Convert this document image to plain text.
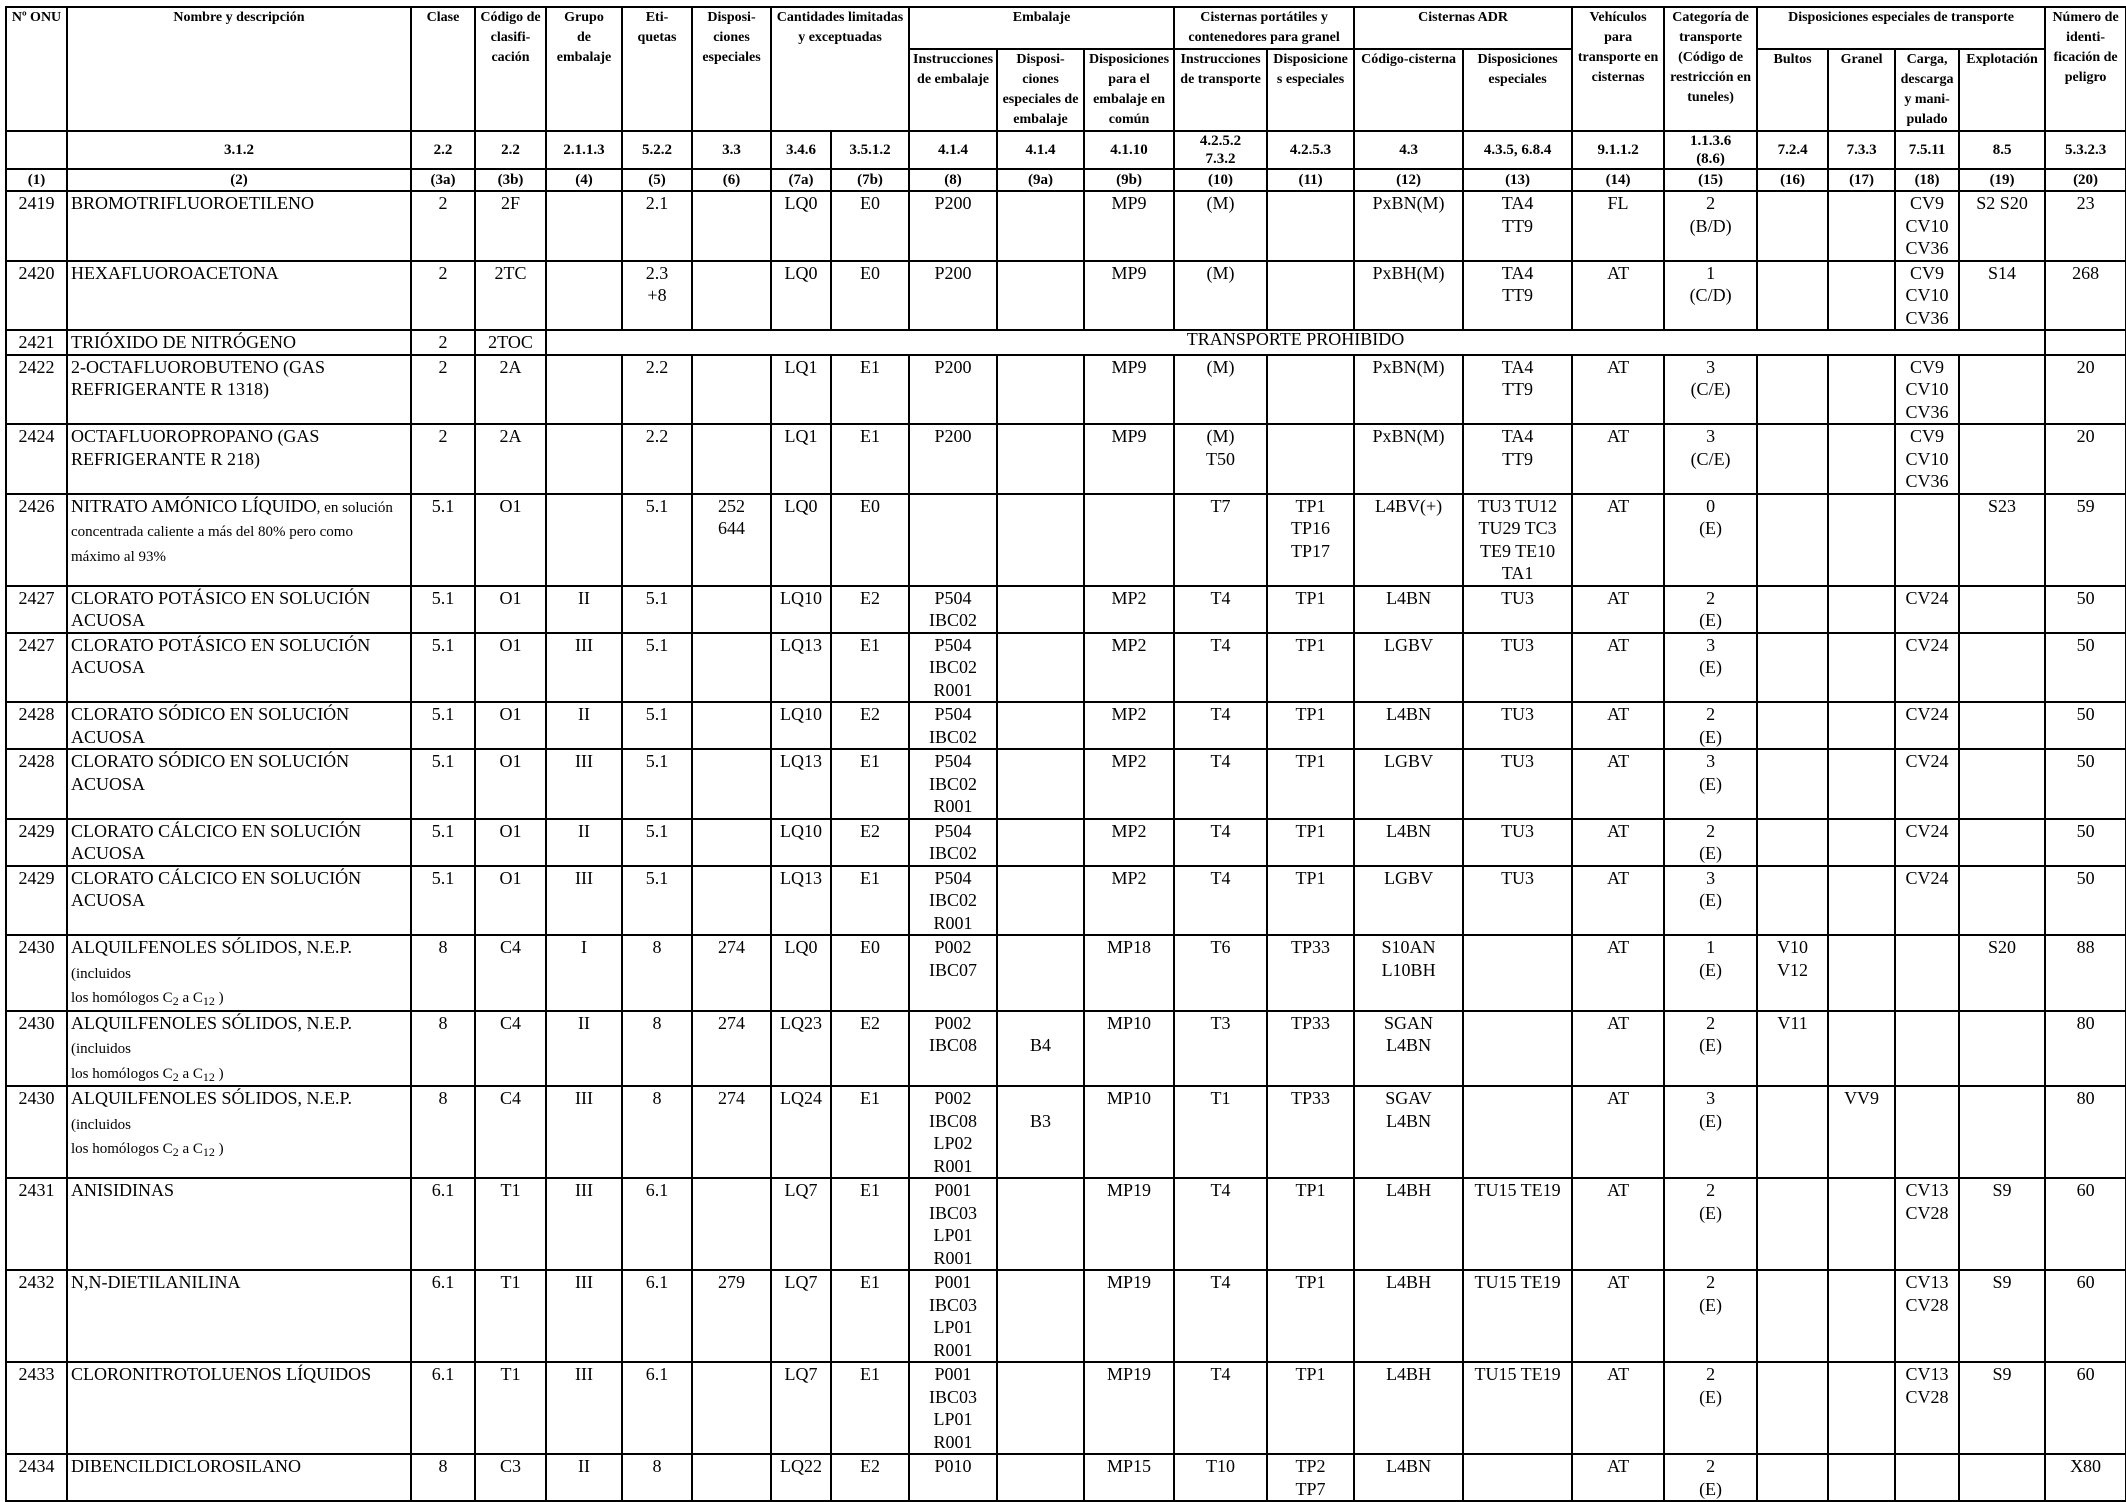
Nº ONU	Nombre y descripción	Clase	Código de
clasifi-
cación	Grupo
de
embalaje	Eti-
quetas	Disposi-
ciones
especiales	Cantidades limitadas
y exceptuadas		Embalaje			Cisternas portátiles y
contenedores para granel		Cisternas ADR		Vehículos
para
transporte en
cisternas	Categoría de
transporte
(Código de
restricción en
tuneles)	Disposiciones especiales de transporte				Número de
identi-
ficación de
peligro
									Instrucciones
de embalaje	Disposi-
ciones
especiales de
embalaje	Disposiciones
para el
embalaje en
común	Instrucciones
de transporte	Disposicione
s especiales	Código-cisterna	Disposiciones
especiales			Bultos	Granel	Carga,
descarga
y mani-
pulado	Explotación	
	3.1.2	2.2	2.2	2.1.1.3	5.2.2	3.3	3.4.6	3.5.1.2	4.1.4	4.1.4	4.1.10	4.2.5.2
7.3.2	4.2.5.3	4.3	4.3.5, 6.8.4	9.1.1.2	1.1.3.6
(8.6)	7.2.4	7.3.3	7.5.11	8.5	5.3.2.3
(1)	(2)	(3a)	(3b)	(4)	(5)	(6)	(7a)	(7b)	(8)	(9a)	(9b)	(10)	(11)	(12)	(13)	(14)	(15)	(16)	(17)	(18)	(19)	(20)
2419	BROMOTRIFLUOROETILENO	2	2F		2.1		LQ0	E0	P200		MP9	(M)		PxBN(M)	TA4
TT9	FL	2
(B/D)			CV9
CV10
CV36	S2 S20	23
2420	HEXAFLUOROACETONA	2	2TC		2.3
+8		LQ0	E0	P200		MP9	(M)		PxBH(M)	TA4
TT9	AT	1
(C/D)			CV9
CV10
CV36	S14	268
2421	TRIÓXIDO DE NITRÓGENO	2	2TOC	TRANSPORTE PROHIBIDO																		
2422	2-OCTAFLUOROBUTENO (GAS
REFRIGERANTE R 1318)	2	2A		2.2		LQ1	E1	P200		MP9	(M)		PxBN(M)	TA4
TT9	AT	3
(C/E)			CV9
CV10
CV36		20
2424	OCTAFLUOROPROPANO (GAS
REFRIGERANTE R 218)	2	2A		2.2		LQ1	E1	P200		MP9	(M)
T50		PxBN(M)	TA4
TT9	AT	3
(C/E)			CV9
CV10
CV36		20
2426	NITRATO AMÓNICO LÍQUIDO, en solución
concentrada caliente a más del 80% pero como
máximo al 93%	5.1	O1		5.1	252
644	LQ0	E0				T7	TP1
TP16
TP17	L4BV(+)	TU3 TU12
TU29 TC3
TE9 TE10
TA1	AT	0
(E)				S23	59
2427	CLORATO POTÁSICO EN SOLUCIÓN
ACUOSA	5.1	O1	II	5.1		LQ10	E2	P504
IBC02		MP2	T4	TP1	L4BN	TU3	AT	2
(E)			CV24		50
2427	CLORATO POTÁSICO EN SOLUCIÓN
ACUOSA	5.1	O1	III	5.1		LQ13	E1	P504
IBC02
R001		MP2	T4	TP1	LGBV	TU3	AT	3
(E)			CV24		50
2428	CLORATO SÓDICO EN SOLUCIÓN ACUOSA	5.1	O1	II	5.1		LQ10	E2	P504
IBC02		MP2	T4	TP1	L4BN	TU3	AT	2
(E)			CV24		50
2428	CLORATO SÓDICO EN SOLUCIÓN ACUOSA	5.1	O1	III	5.1		LQ13	E1	P504
IBC02
R001		MP2	T4	TP1	LGBV	TU3	AT	3
(E)			CV24		50
2429	CLORATO CÁLCICO EN SOLUCIÓN
ACUOSA	5.1	O1	II	5.1		LQ10	E2	P504
IBC02		MP2	T4	TP1	L4BN	TU3	AT	2
(E)			CV24		50
2429	CLORATO CÁLCICO EN SOLUCIÓN
ACUOSA	5.1	O1	III	5.1		LQ13	E1	P504
IBC02
R001		MP2	T4	TP1	LGBV	TU3	AT	3
(E)			CV24		50
2430	ALQUILFENOLES SÓLIDOS, N.E.P. (incluidos
los homólogos $C_2$ a $C_{12}$ )	8	C4	I	8	274	LQ0	E0	P002
IBC07		MP18	T6	TP33	S10AN
L10BH		AT	1
(E)	V10
V12			S20	88
2430	ALQUILFENOLES SÓLIDOS, N.E.P. (incluidos
los homólogos $C_2$ a $C_{12}$ )	8	C4	II	8	274	LQ23	E2	P002
IBC08	
B4	MP10	T3	TP33	SGAN
L4BN		AT	2
(E)	V11				80
2430	ALQUILFENOLES SÓLIDOS, N.E.P. (incluidos
los homólogos $C_2$ a $C_{12}$ )	8	C4	III	8	274	LQ24	E1	P002
IBC08
LP02
R001	
B3	MP10	T1	TP33	SGAV
L4BN		AT	3
(E)		VV9			80
2431	ANISIDINAS	6.1	T1	III	6.1		LQ7	E1	P001
IBC03
LP01
R001		MP19	T4	TP1	L4BH	TU15 TE19	AT	2
(E)			CV13
CV28	S9	60
2432	N,N-DIETILANILINA	6.1	T1	III	6.1	279	LQ7	E1	P001
IBC03
LP01
R001		MP19	T4	TP1	L4BH	TU15 TE19	AT	2
(E)			CV13
CV28	S9	60
2433	CLORONITROTOLUENOS LÍQUIDOS	6.1	T1	III	6.1		LQ7	E1	P001
IBC03
LP01
R001		MP19	T4	TP1	L4BH	TU15 TE19	AT	2
(E)			CV13
CV28	S9	60
2434	DIBENCILDICLOROSILANO	8	C3	II	8		LQ22	E2	P010		MP15	T10	TP2
TP7	L4BN		AT	2
(E)					X80
